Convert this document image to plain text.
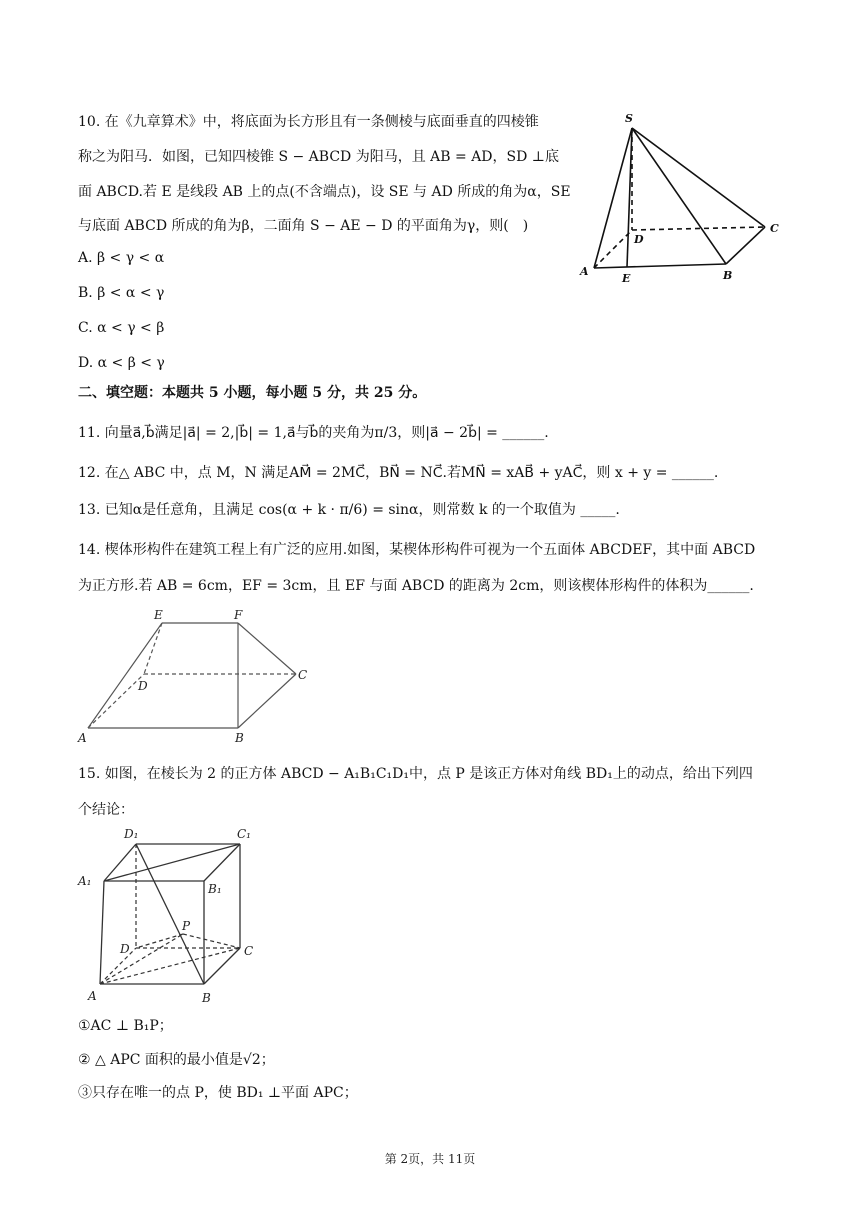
10. 在《九章算术》中，将底面为长方形且有一条侧棱与底面垂直的四棱锥
称之为阳马．如图，已知四棱锥 S − ABCD 为阳马，且 AB = AD，SD ⊥底
面 ABCD.若 E 是线段 AB 上的点(不含端点)，设 SE 与 AD 所成的角为α，SE
与底面 ABCD 所成的角为β，二面角 S − AE − D 的平面角为γ，则(　)
A. β < γ < α
B. β < α < γ
C. α < γ < β
D. α < β < γ
S
A	B
C
D
E
二、填空题：本题共 5 小题，每小题 5 分，共 25 分。
11. 向量a⃗,b⃗满足|a⃗| = 2,|b⃗| = 1,a⃗与b⃗的夹角为π/3，则|a⃗ − 2b⃗| = ______.
12. 在△ ABC 中，点 M，N 满足AM⃗ = 2MC⃗，BN⃗ = NC⃗.若MN⃗ = xAB⃗ + yAC⃗，则 x + y = ______.
13. 已知α是任意角，且满足 cos(α + k · π/6) = sinα，则常数 k 的一个取值为 _____.
14. 楔体形构件在建筑工程上有广泛的应用.如图，某楔体形构件可视为一个五面体 ABCDEF，其中面 ABCD
为正方形.若 AB = 6cm，EF = 3cm，且 EF 与面 ABCD 的距离为 2cm，则该楔体形构件的体积为______.
E	F
D
C
A	B
15. 如图，在棱长为 2 的正方体 ABCD − A₁B₁C₁D₁中，点 P 是该正方体对角线 BD₁上的动点，给出下列四
个结论：
D₁	C₁
A₁
B₁
P
D	C
A	B
①AC ⊥ B₁P；
② △ APC 面积的最小值是√2；
③只存在唯一的点 P，使 BD₁ ⊥平面 APC；
第 2页，共 11页
